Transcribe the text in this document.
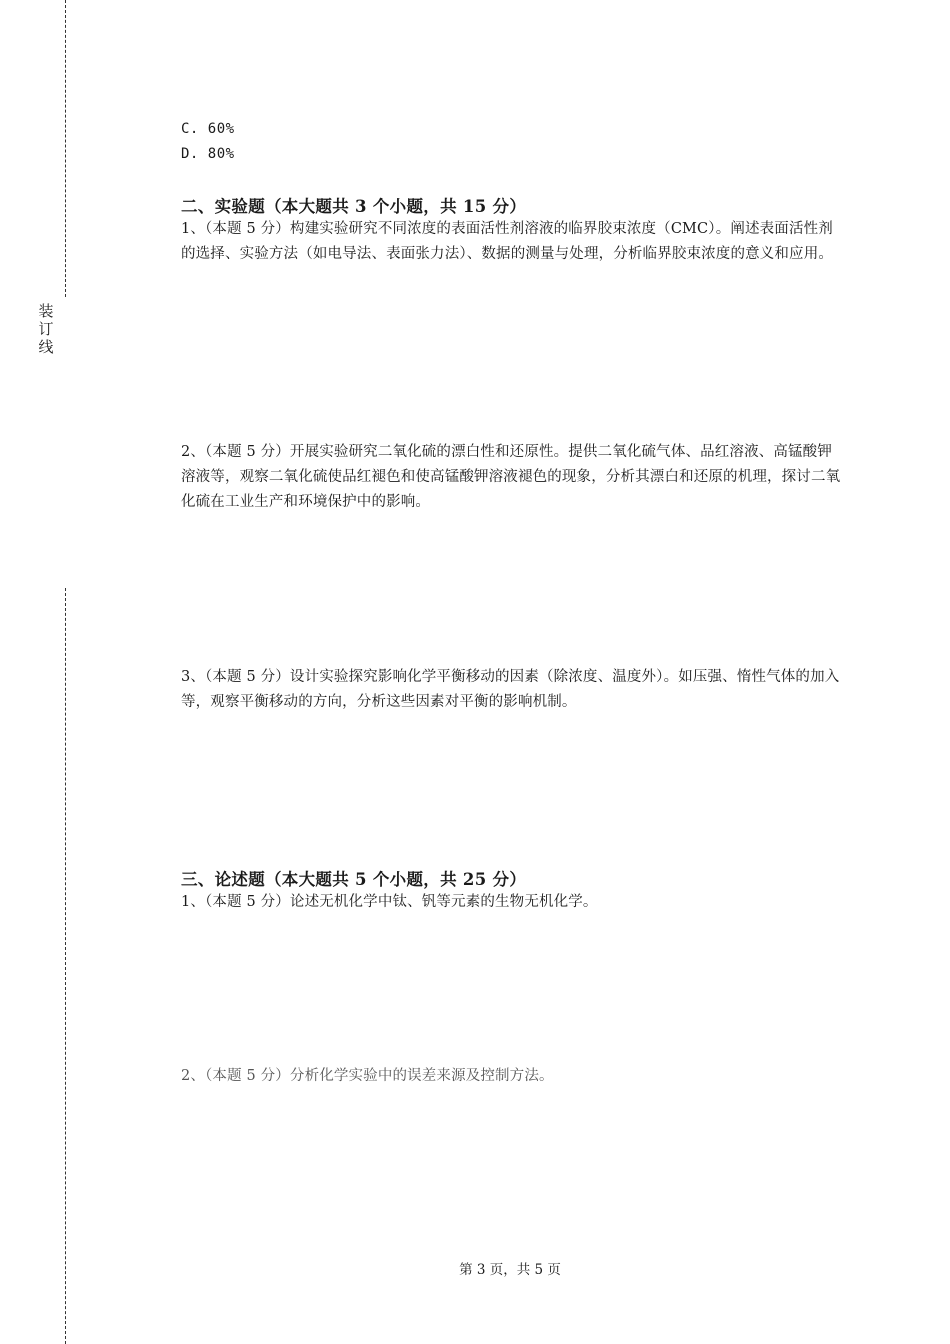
装
订
线
C. 60%
D. 80%
二、实验题（本大题共 3 个小题，共 15 分）
1、（本题 5 分）构建实验研究不同浓度的表面活性剂溶液的临界胶束浓度（CMC）。阐述表面活性剂的选择、实验方法（如电导法、表面张力法）、数据的测量与处理，分析临界胶束浓度的意义和应用。
2、（本题 5 分）开展实验研究二氧化硫的漂白性和还原性。提供二氧化硫气体、品红溶液、高锰酸钾溶液等，观察二氧化硫使品红褪色和使高锰酸钾溶液褪色的现象，分析其漂白和还原的机理，探讨二氧化硫在工业生产和环境保护中的影响。
3、（本题 5 分）设计实验探究影响化学平衡移动的因素（除浓度、温度外）。如压强、惰性气体的加入等，观察平衡移动的方向，分析这些因素对平衡的影响机制。
三、论述题（本大题共 5 个小题，共 25 分）
1、（本题 5 分）论述无机化学中钛、钒等元素的生物无机化学。
2、（本题 5 分）分析化学实验中的误差来源及控制方法。
第 3 页，共 5 页
